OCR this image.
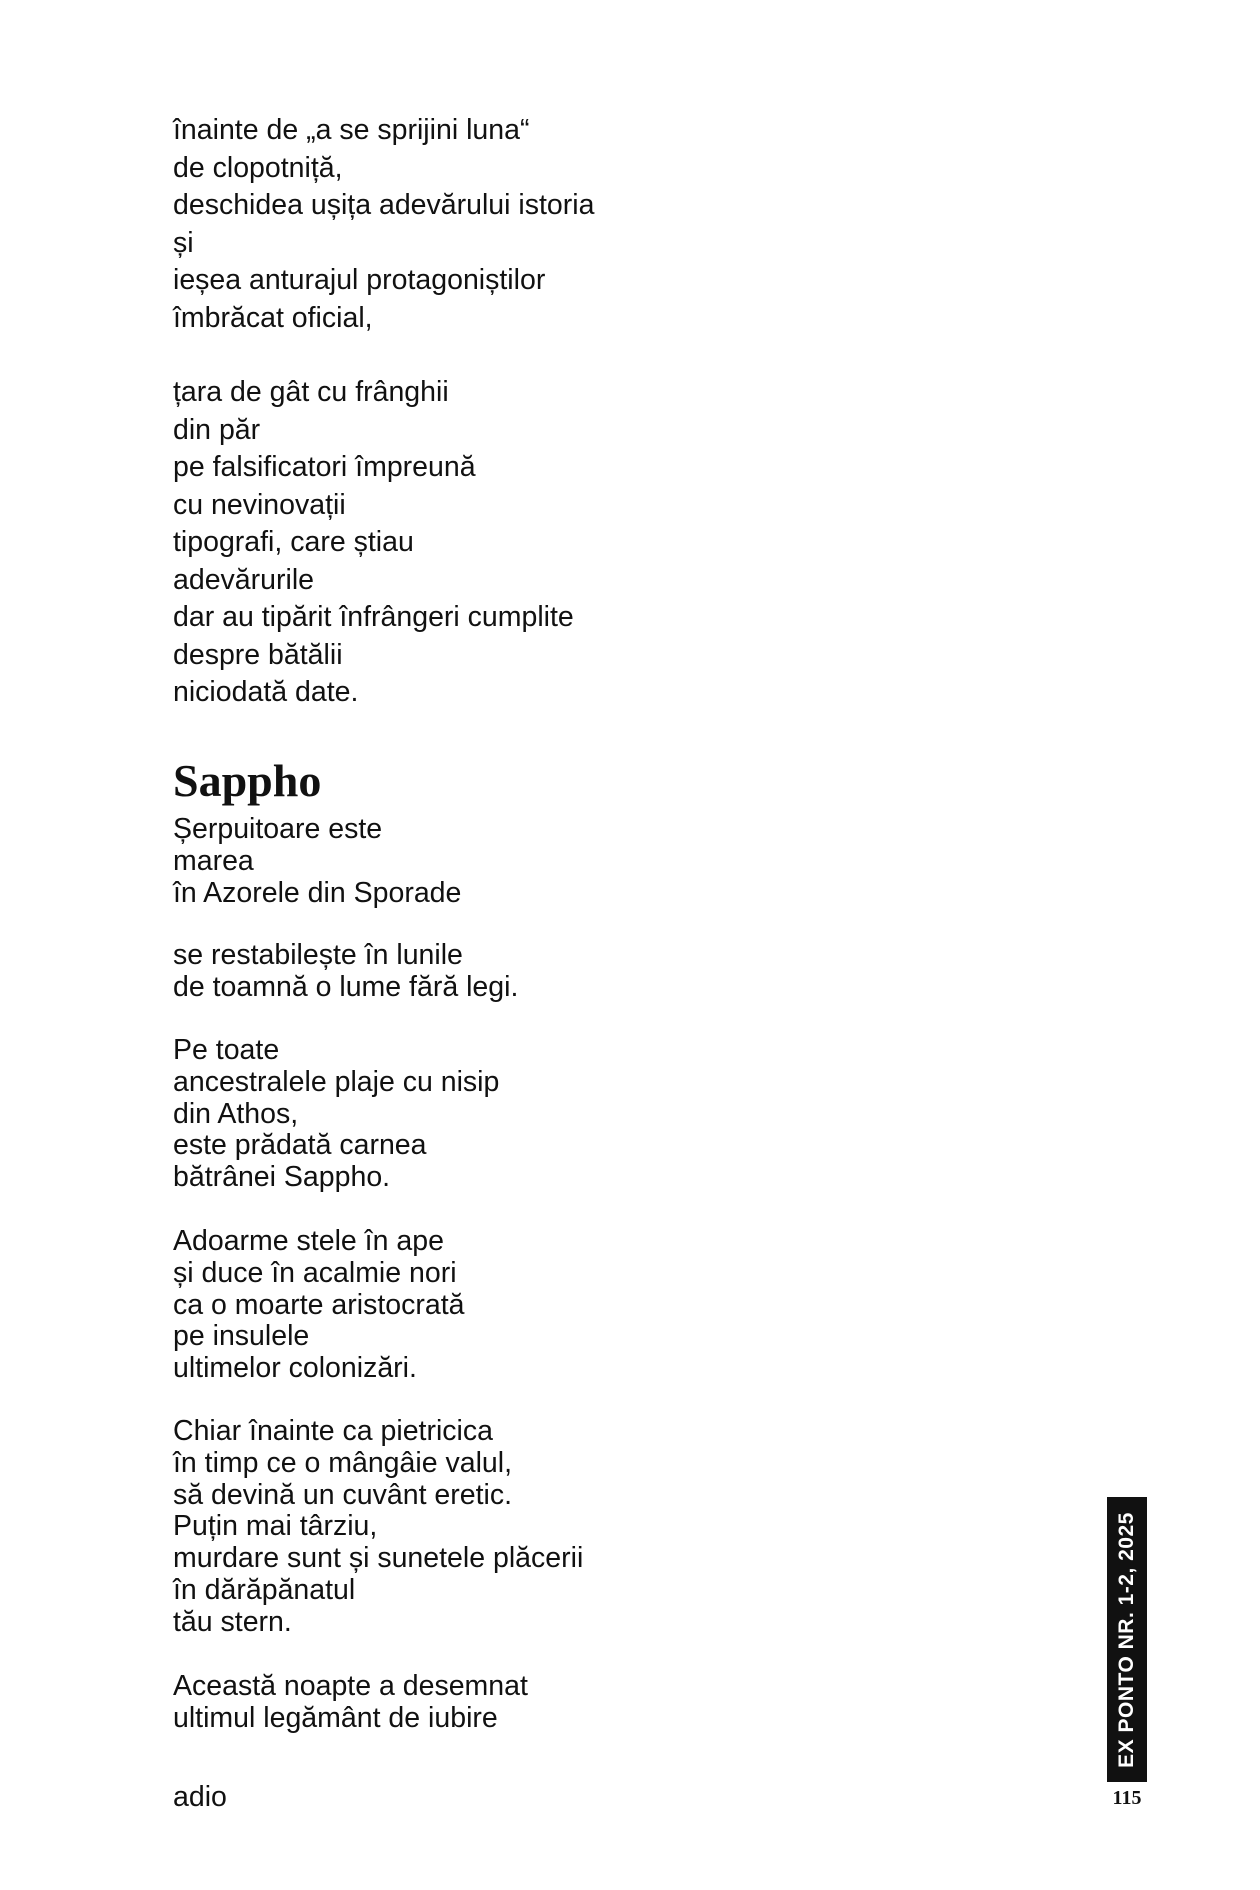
înainte de „a se sprijini luna“
de clopotniță,
deschidea ușița adevărului istoria
și
ieșea anturajul protagoniștilor
îmbrăcat oficial,
țara de gât cu frânghii
din păr
pe falsificatori împreună
cu nevinovații
tipografi, care știau
adevărurile
dar au tipărit înfrângeri cumplite
despre bătălii
niciodată date.
Sappho
Șerpuitoare este
marea
în Azorele din Sporade
se restabilește în lunile
de toamnă o lume fără legi.
Pe toate
ancestralele plaje cu nisip
din Athos,
este prădată carnea
bătrânei Sappho.
Adoarme stele în ape
și duce în acalmie nori
ca o moarte aristocrată
pe insulele
ultimelor colonizări.
Chiar înainte ca pietricica
în timp ce o mângâie valul,
să devină un cuvânt eretic.
Puțin mai târziu,
murdare sunt și sunetele plăcerii
în dărăpănatul
tău stern.
Această noapte a desemnat
ultimul legământ de iubire
adio
EX PONTO NR. 1-2, 2025
115
